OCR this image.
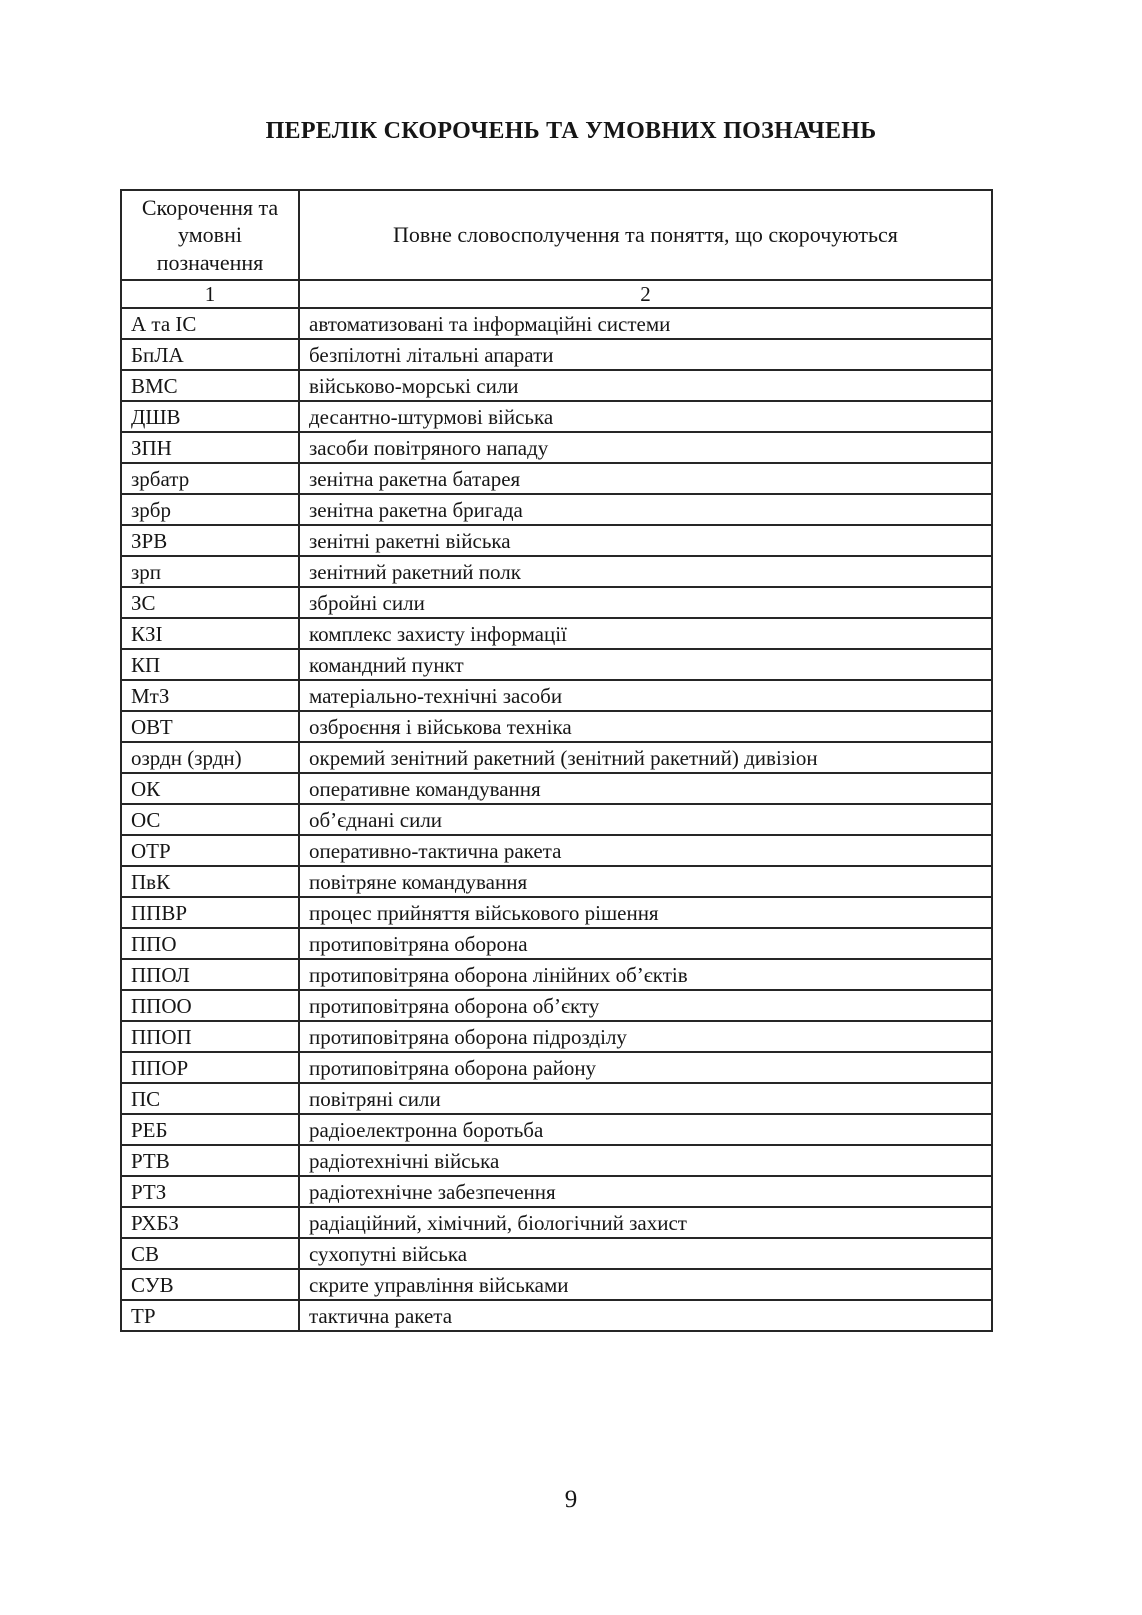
ПЕРЕЛІК СКОРОЧЕНЬ ТА УМОВНИХ ПОЗНАЧЕНЬ
Скорочення та умовні позначення	Повне словосполучення та поняття, що скорочуються
1	2
А та ІС	автоматизовані та інформаційні системи
БпЛА	безпілотні літальні апарати
ВМС	військово-морські сили
ДШВ	десантно-штурмові війська
ЗПН	засоби повітряного нападу
зрбатр	зенітна ракетна батарея
зрбр	зенітна ракетна бригада
ЗРВ	зенітні ракетні війська
зрп	зенітний ракетний полк
ЗС	збройні сили
КЗІ	комплекс захисту інформації
КП	командний пункт
МтЗ	матеріально-технічні засоби
ОВТ	озброєння і військова техніка
озрдн (зрдн)	окремий зенітний ракетний (зенітний ракетний) дивізіон
ОК	оперативне командування
ОС	об’єднані сили
ОТР	оперативно-тактична ракета
ПвК	повітряне командування
ППВР	процес прийняття військового рішення
ППО	протиповітряна оборона
ППОЛ	протиповітряна оборона лінійних об’єктів
ППОО	протиповітряна оборона об’єкту
ППОП	протиповітряна оборона підрозділу
ППОР	протиповітряна оборона району
ПС	повітряні сили
РЕБ	радіоелектронна боротьба
РТВ	радіотехнічні війська
РТЗ	радіотехнічне забезпечення
РХБЗ	радіаційний, хімічний, біологічний захист
СВ	сухопутні війська
СУВ	скрите управління військами
ТР	тактична ракета
9
